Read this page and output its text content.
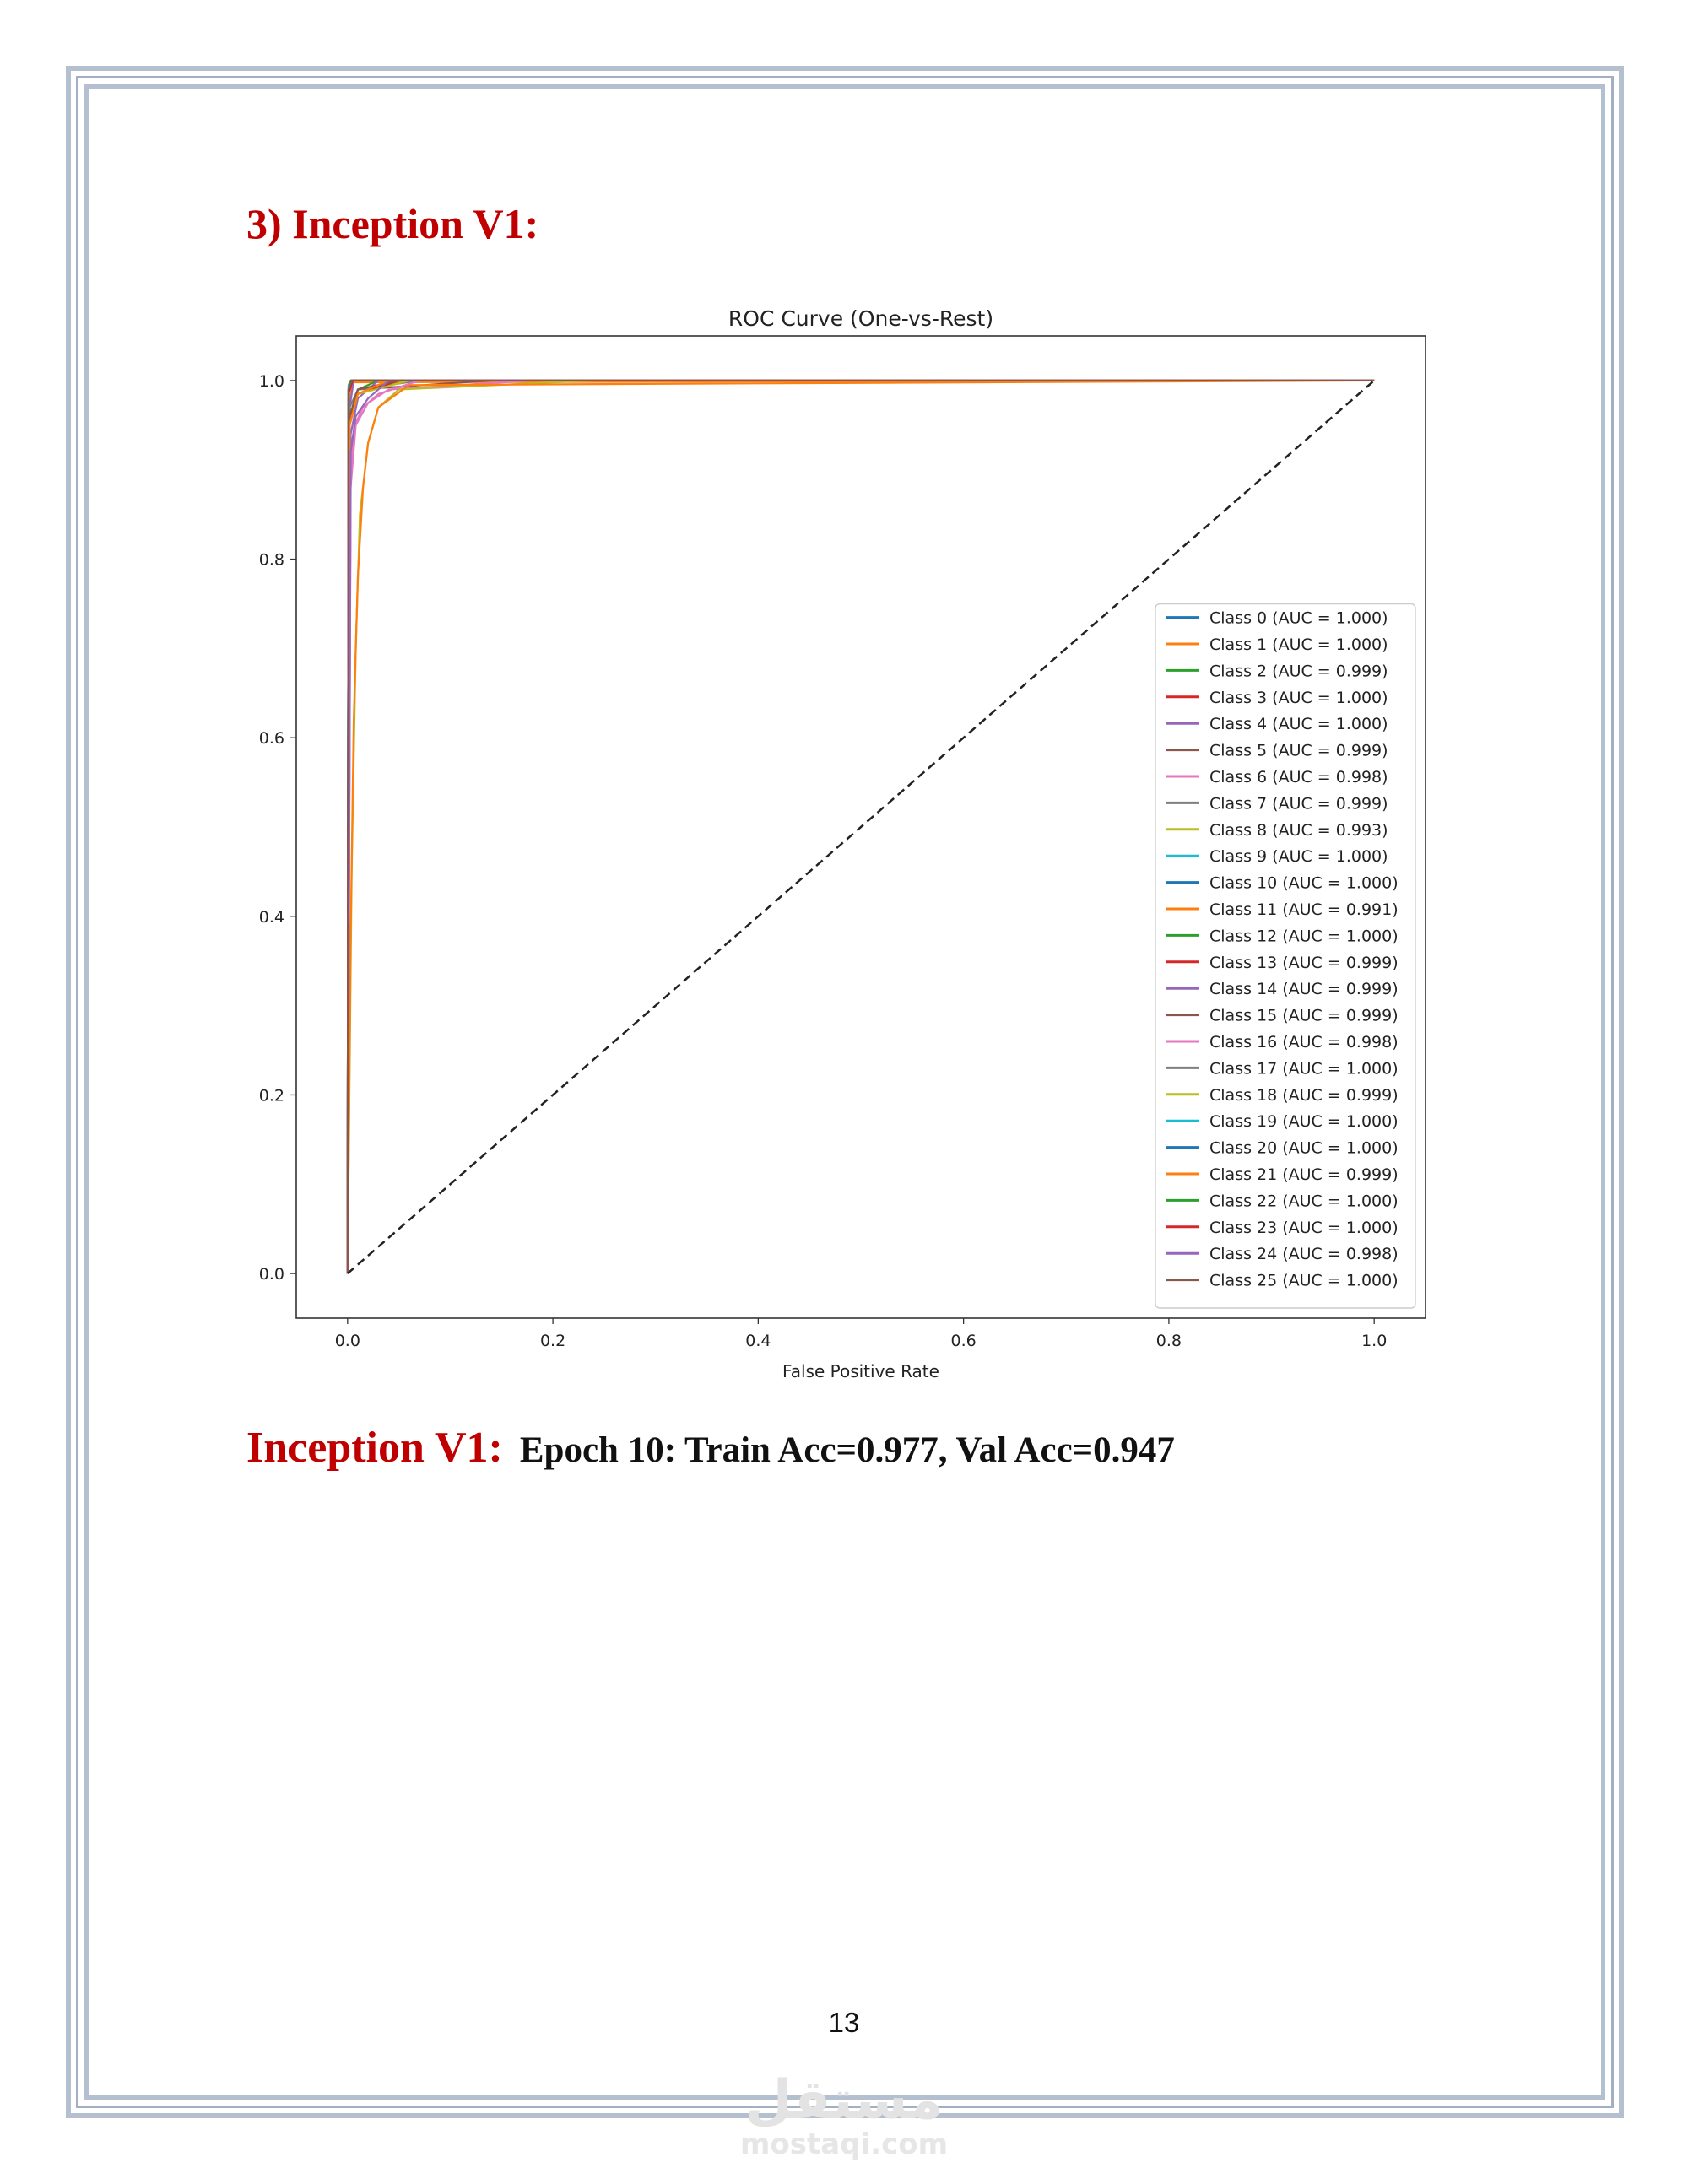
3) Inception V1:
ROC Curve (One-vs-Rest)
False Positive Rate
0.0	0.2	0.4	0.6	0.8	1.0
0.0
0.2
0.4
0.6
0.8
1.0
Class 0 (AUC = 1.000)
Class 1 (AUC = 1.000)
Class 2 (AUC = 0.999)
Class 3 (AUC = 1.000)
Class 4 (AUC = 1.000)
Class 5 (AUC = 0.999)
Class 6 (AUC = 0.998)
Class 7 (AUC = 0.999)
Class 8 (AUC = 0.993)
Class 9 (AUC = 1.000)
Class 10 (AUC = 1.000)
Class 11 (AUC = 0.991)
Class 12 (AUC = 1.000)
Class 13 (AUC = 0.999)
Class 14 (AUC = 0.999)
Class 15 (AUC = 0.999)
Class 16 (AUC = 0.998)
Class 17 (AUC = 1.000)
Class 18 (AUC = 0.999)
Class 19 (AUC = 1.000)
Class 20 (AUC = 1.000)
Class 21 (AUC = 0.999)
Class 22 (AUC = 1.000)
Class 23 (AUC = 1.000)
Class 24 (AUC = 0.998)
Class 25 (AUC = 1.000)

Inception V1: Epoch 10: Train Acc=0.977, Val Acc=0.947

13
مستقل
mostaqi.com
